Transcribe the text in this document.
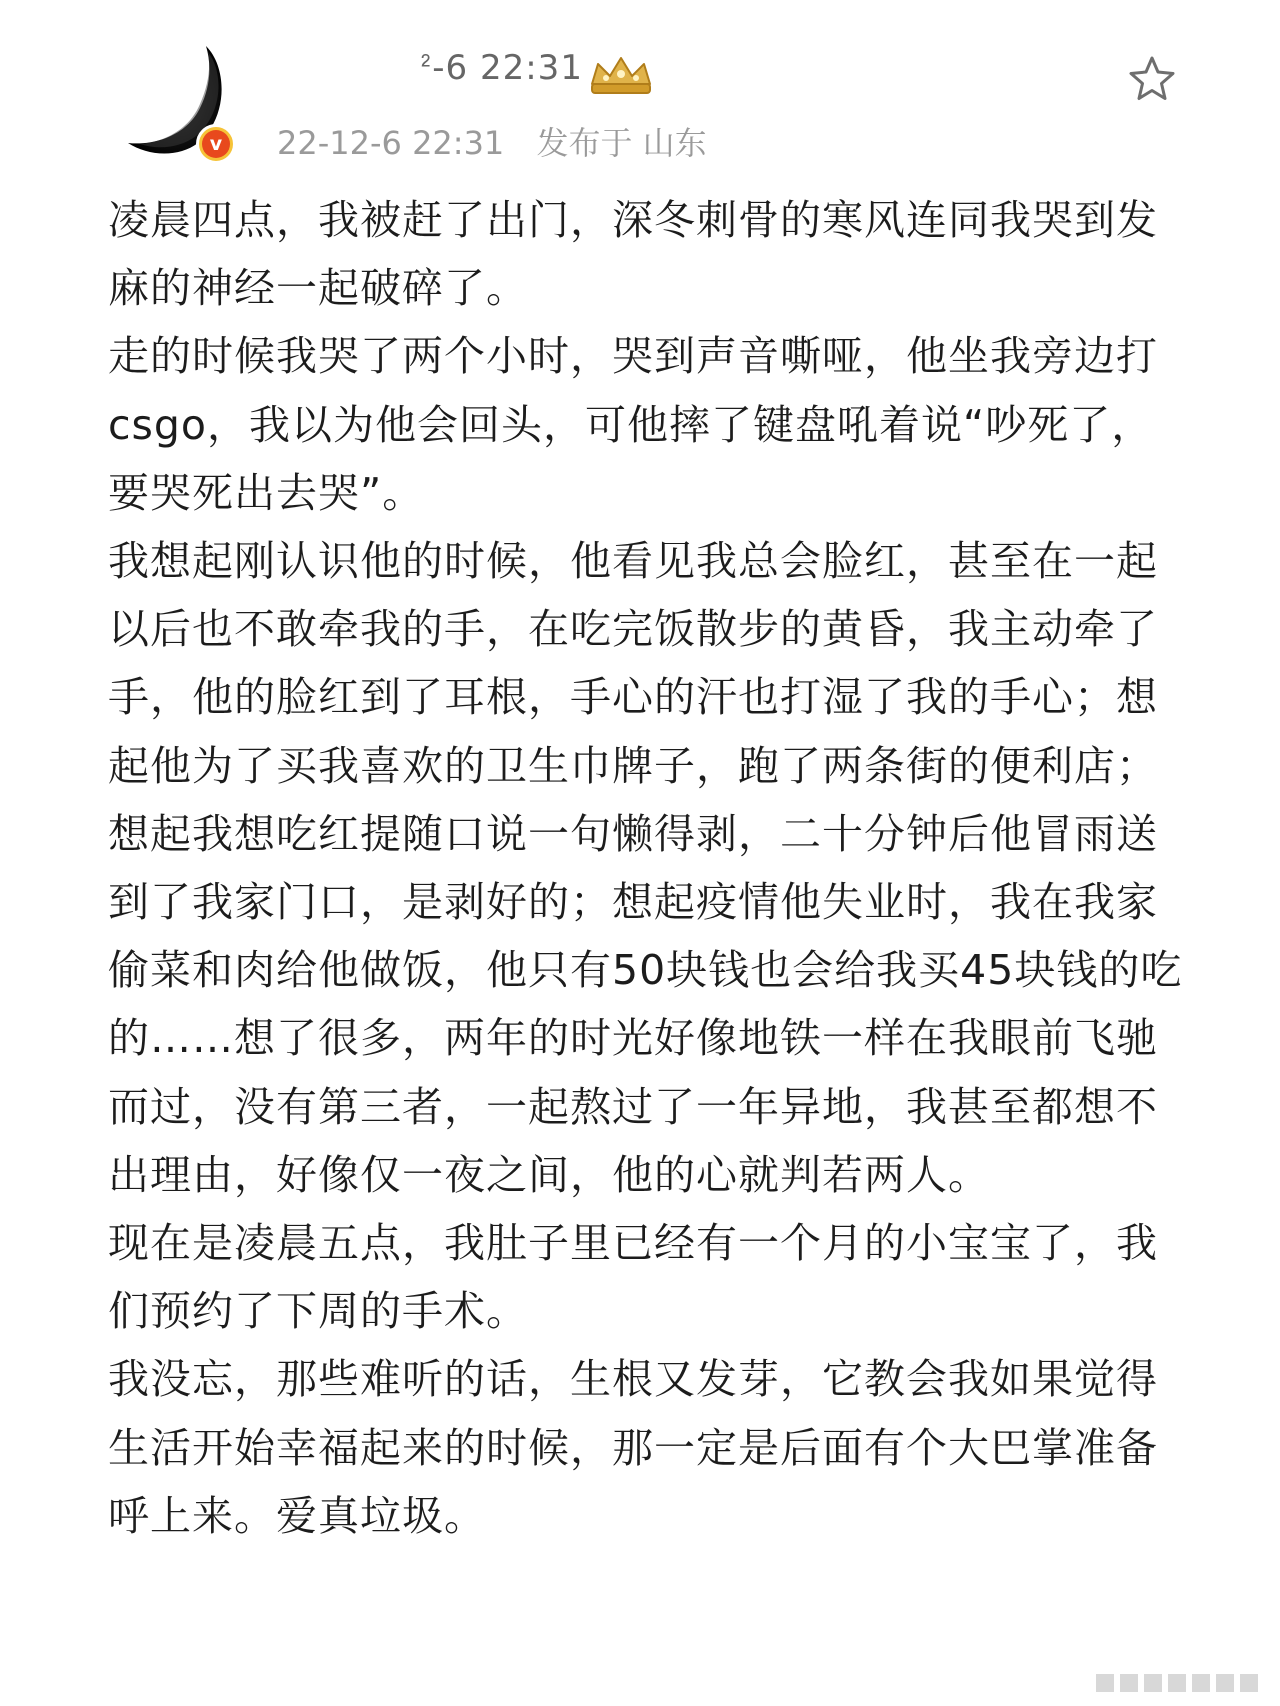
v
ᒾ-6 22:31
22-12-6 22:31 发布于 山东

凌晨四点，我被赶了出门，深冬刺骨的寒风连同我哭到发麻的神经一起破碎了。

走的时候我哭了两个小时，哭到声音嘶哑，他坐我旁边打csgo，我以为他会回头，可他摔了键盘吼着说“吵死了，要哭死出去哭”。

我想起刚认识他的时候，他看见我总会脸红，甚至在一起以后也不敢牵我的手，在吃完饭散步的黄昏，我主动牵了手，他的脸红到了耳根，手心的汗也打湿了我的手心；想起他为了买我喜欢的卫生巾牌子，跑了两条街的便利店；想起我想吃红提随口说一句懒得剥，二十分钟后他冒雨送到了我家门口，是剥好的；想起疫情他失业时，我在我家偷菜和肉给他做饭，他只有50块钱也会给我买45块钱的吃的……想了很多，两年的时光好像地铁一样在我眼前飞驰而过，没有第三者，一起熬过了一年异地，我甚至都想不出理由，好像仅一夜之间，他的心就判若两人。

现在是凌晨五点，我肚子里已经有一个月的小宝宝了，我们预约了下周的手术。

我没忘，那些难听的话，生根又发芽，它教会我如果觉得生活开始幸福起来的时候，那一定是后面有个大巴掌准备呼上来。爱真垃圾。
